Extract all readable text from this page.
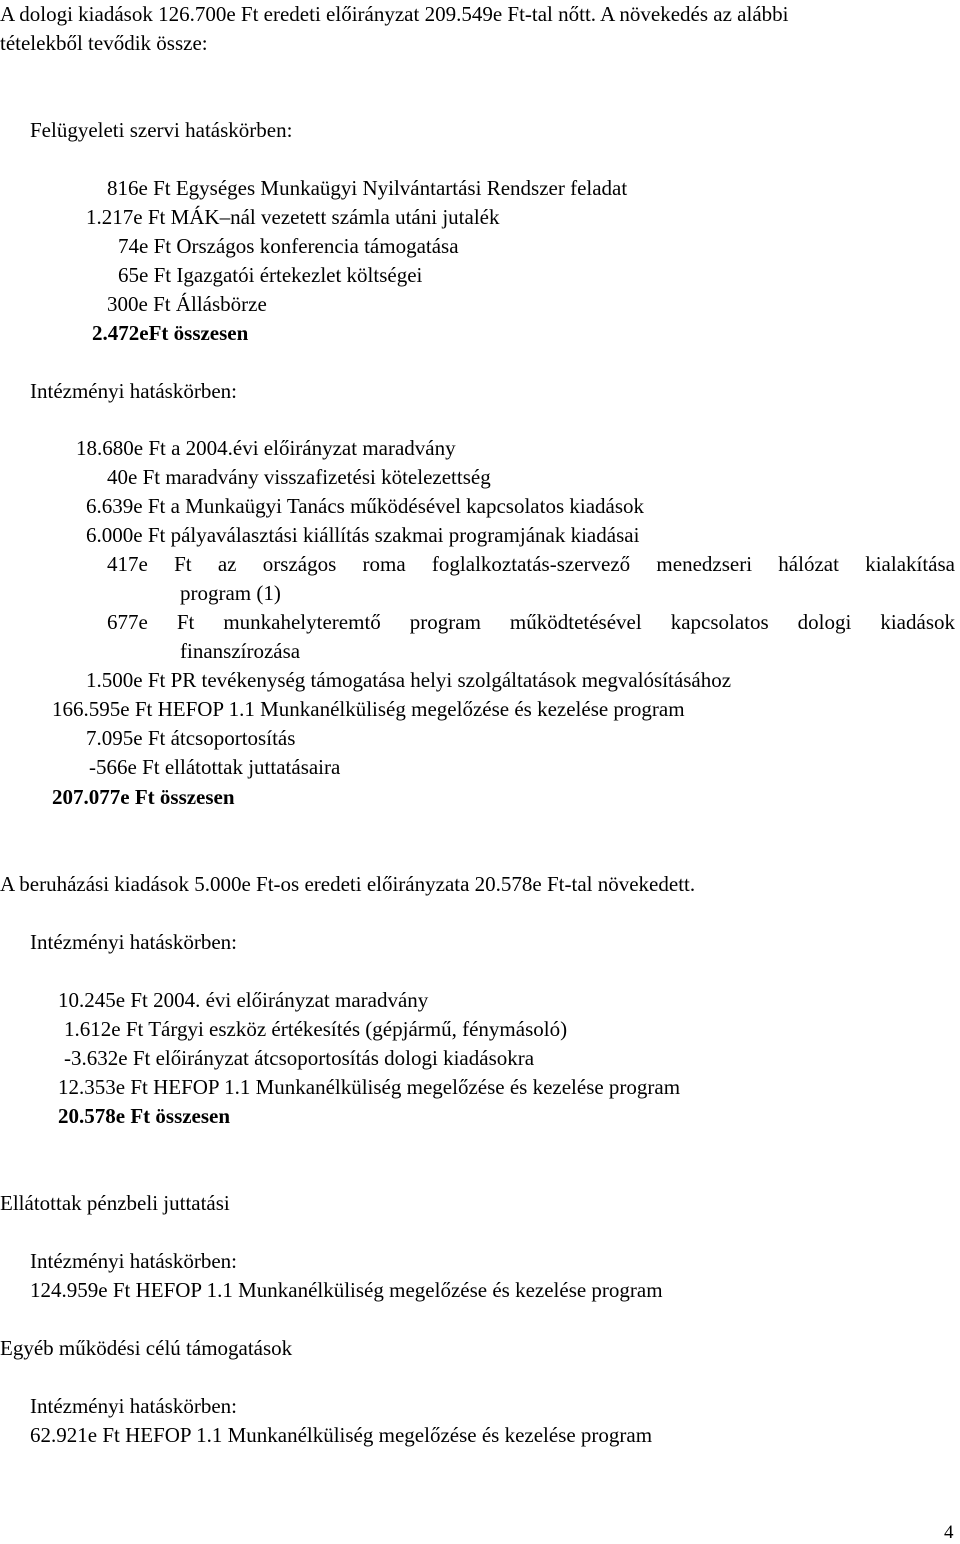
A dologi kiadások 126.700e Ft eredeti előirányzat 209.549e Ft-tal nőtt. A növekedés az alábbi
tételekből tevődik össze:
Felügyeleti szervi hatáskörben:
816e Ft Egységes Munkaügyi Nyilvántartási Rendszer feladat
1.217e Ft MÁK–nál vezetett számla utáni jutalék
74e Ft Országos konferencia támogatása
65e Ft Igazgatói értekezlet költségei
300e Ft Állásbörze
2.472eFt összesen
Intézményi hatáskörben:
18.680e Ft a 2004.évi előirányzat maradvány
40e Ft maradvány visszafizetési kötelezettség
6.639e Ft a Munkaügyi Tanács működésével kapcsolatos kiadások
6.000e Ft pályaválasztási kiállítás szakmai programjának kiadásai
417e Ft az országos roma foglalkoztatás-szervező menedzseri hálózat kialakítása
program (1)
677e Ft munkahelyteremtő program működtetésével kapcsolatos dologi kiadások
finanszírozása
1.500e Ft PR tevékenység támogatása helyi szolgáltatások megvalósításához
166.595e Ft HEFOP 1.1 Munkanélküliség megelőzése és kezelése program
7.095e Ft átcsoportosítás
-566e Ft ellátottak juttatásaira
207.077e Ft összesen
A beruházási kiadások 5.000e Ft-os eredeti előirányzata 20.578e Ft-tal növekedett.
Intézményi hatáskörben:
10.245e Ft 2004. évi előirányzat maradvány
1.612e Ft Tárgyi eszköz értékesítés (gépjármű, fénymásoló)
-3.632e Ft előirányzat átcsoportosítás dologi kiadásokra
12.353e Ft HEFOP 1.1 Munkanélküliség megelőzése és kezelése program
20.578e Ft összesen
Ellátottak pénzbeli juttatási
Intézményi hatáskörben:
124.959e Ft HEFOP 1.1 Munkanélküliség megelőzése és kezelése program
Egyéb működési célú támogatások
Intézményi hatáskörben:
62.921e Ft HEFOP 1.1 Munkanélküliség megelőzése és kezelése program
4
